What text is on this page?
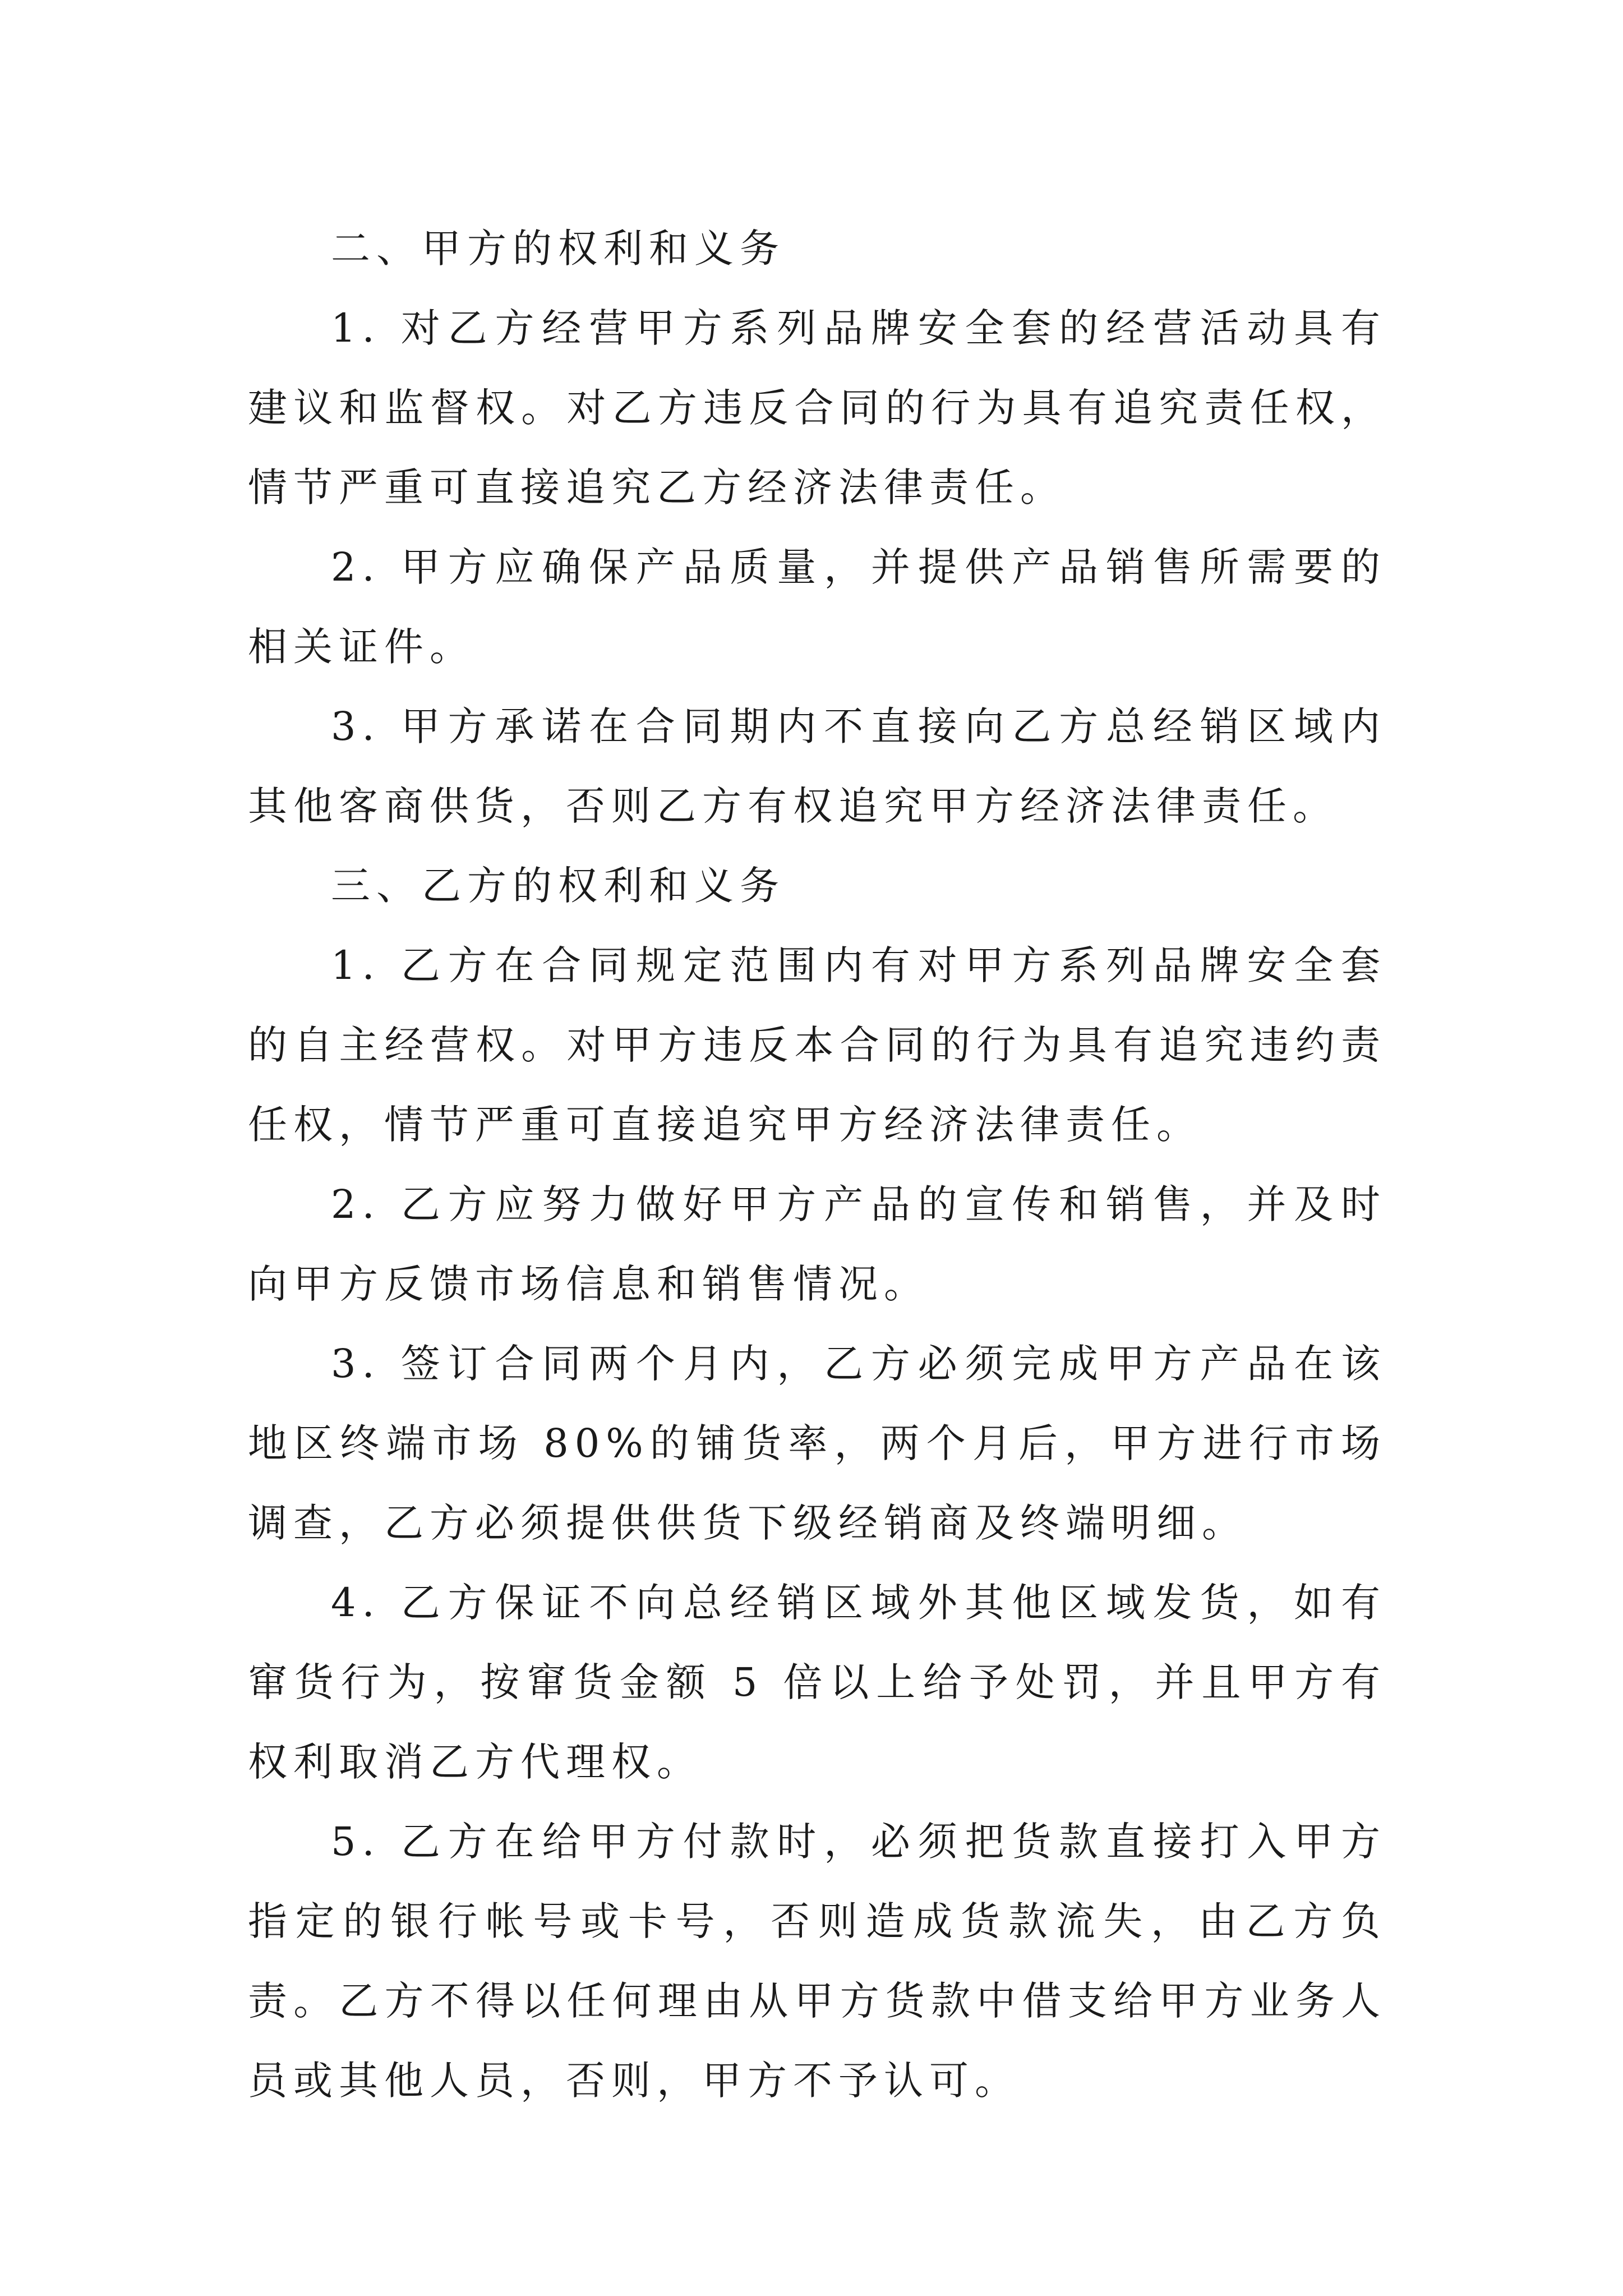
二、甲方的权利和义务

1. 对乙方经营甲方系列品牌安全套的经营活动具有建议和监督权。对乙方违反合同的行为具有追究责任权，情节严重可直接追究乙方经济法律责任。

2. 甲方应确保产品质量，并提供产品销售所需要的相关证件。

3. 甲方承诺在合同期内不直接向乙方总经销区域内其他客商供货，否则乙方有权追究甲方经济法律责任。

三、乙方的权利和义务

1. 乙方在合同规定范围内有对甲方系列品牌安全套的自主经营权。对甲方违反本合同的行为具有追究违约责任权，情节严重可直接追究甲方经济法律责任。

2. 乙方应努力做好甲方产品的宣传和销售，并及时向甲方反馈市场信息和销售情况。

3. 签订合同两个月内，乙方必须完成甲方产品在该地区终端市场 80%的铺货率，两个月后，甲方进行市场调查，乙方必须提供供货下级经销商及终端明细。

4. 乙方保证不向总经销区域外其他区域发货，如有窜货行为，按窜货金额 5 倍以上给予处罚，并且甲方有权利取消乙方代理权。

5. 乙方在给甲方付款时，必须把货款直接打入甲方指定的银行帐号或卡号，否则造成货款流失，由乙方负责。乙方不得以任何理由从甲方货款中借支给甲方业务人员或其他人员，否则，甲方不予认可。
